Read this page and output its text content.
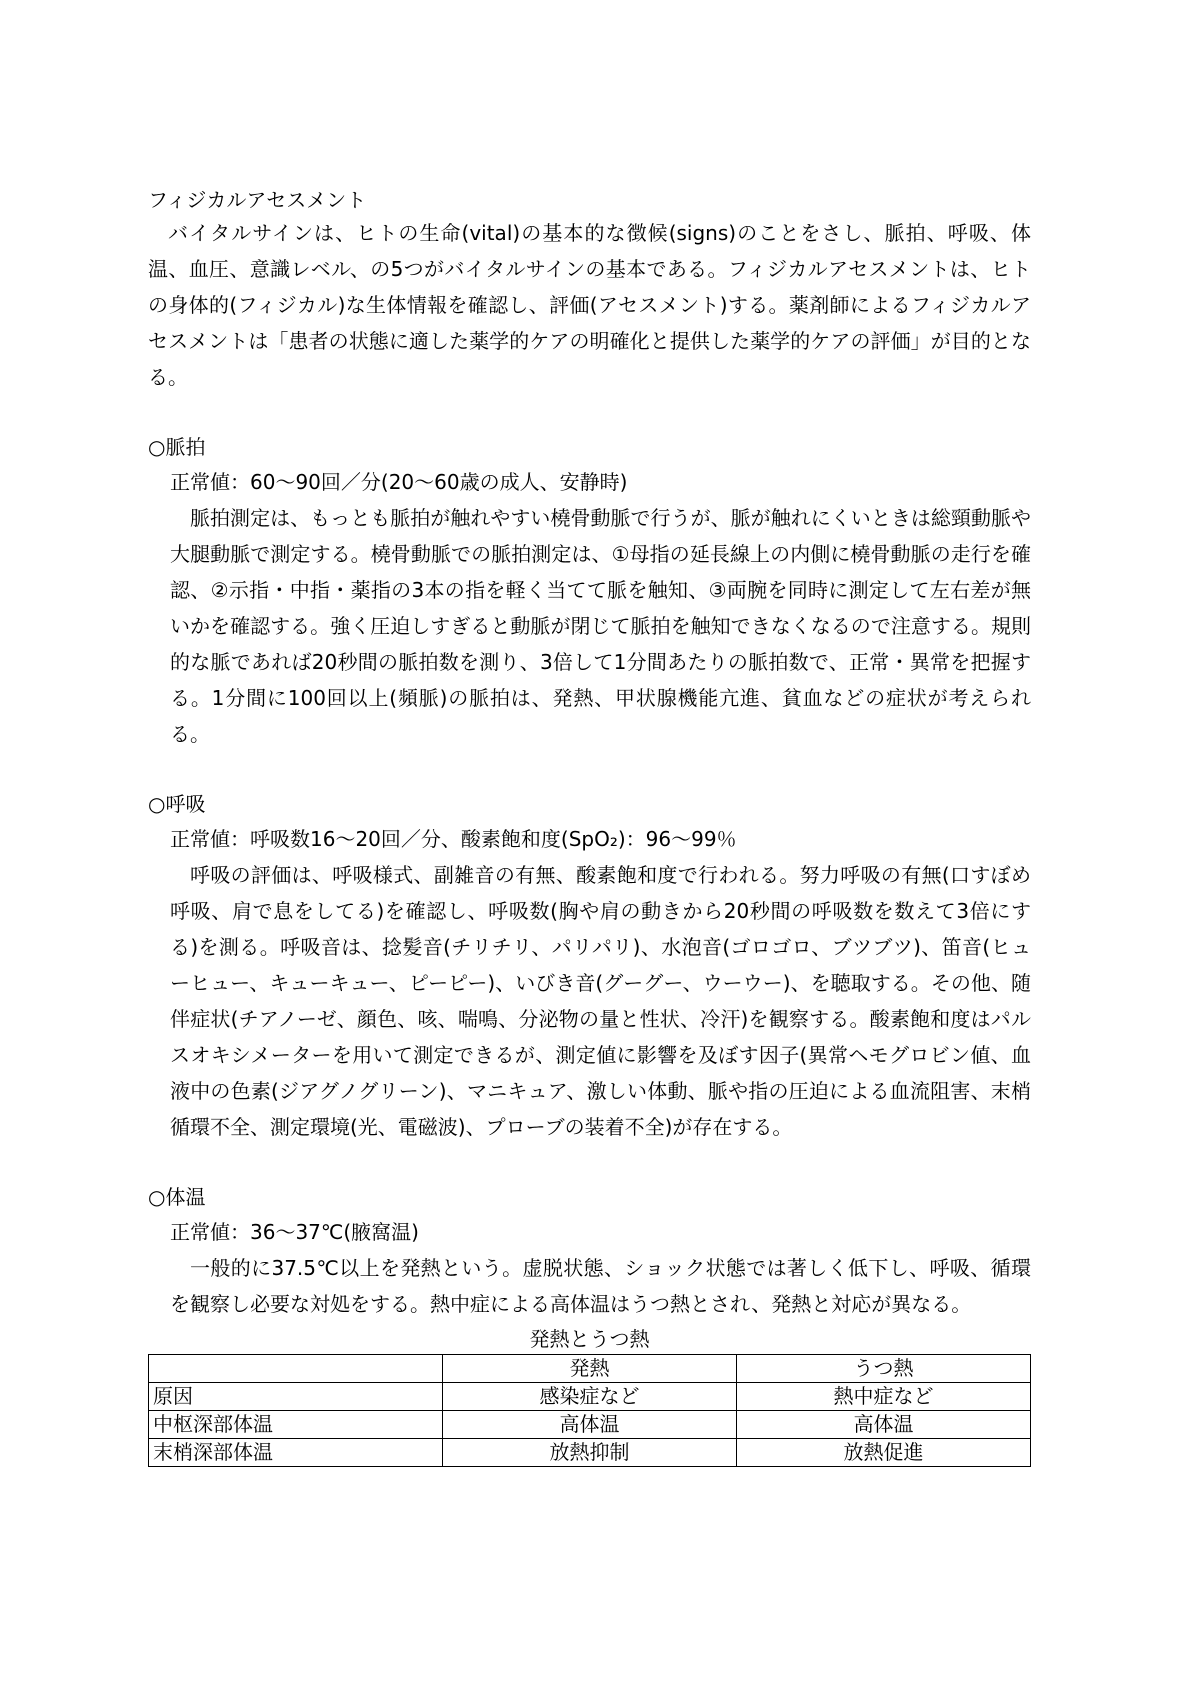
フィジカルアセスメント

バイタルサインは、ヒトの生命(vital)の基本的な徴候(signs)のことをさし、脈拍、呼吸、体温、血圧、意識レベル、の5つがバイタルサインの基本である。フィジカルアセスメントは、ヒトの身体的(フィジカル)な生体情報を確認し、評価(アセスメント)する。薬剤師によるフィジカルアセスメントは「患者の状態に適した薬学的ケアの明確化と提供した薬学的ケアの評価」が目的となる。

○脈拍

正常値：60～90回／分(20～60歳の成人、安静時)

脈拍測定は、もっとも脈拍が触れやすい橈骨動脈で行うが、脈が触れにくいときは総頸動脈や大腿動脈で測定する。橈骨動脈での脈拍測定は、①母指の延長線上の内側に橈骨動脈の走行を確認、②示指・中指・薬指の3本の指を軽く当てて脈を触知、③両腕を同時に測定して左右差が無いかを確認する。強く圧迫しすぎると動脈が閉じて脈拍を触知できなくなるので注意する。規則的な脈であれば20秒間の脈拍数を測り、3倍して1分間あたりの脈拍数で、正常・異常を把握する。1分間に100回以上(頻脈)の脈拍は、発熱、甲状腺機能亢進、貧血などの症状が考えられる。

○呼吸

正常値：呼吸数16～20回／分、酸素飽和度(SpO₂)：96～99％

呼吸の評価は、呼吸様式、副雑音の有無、酸素飽和度で行われる。努力呼吸の有無(口すぼめ呼吸、肩で息をしてる)を確認し、呼吸数(胸や肩の動きから20秒間の呼吸数を数えて3倍にする)を測る。呼吸音は、捻髪音(チリチリ、パリパリ)、水泡音(ゴロゴロ、ブツブツ)、笛音(ヒューヒュー、キューキュー、ピーピー)、いびき音(グーグー、ウーウー)、を聴取する。その他、随伴症状(チアノーゼ、顔色、咳、喘鳴、分泌物の量と性状、冷汗)を観察する。酸素飽和度はパルスオキシメーターを用いて測定できるが、測定値に影響を及ぼす因子(異常ヘモグロビン値、血液中の色素(ジアグノグリーン)、マニキュア、激しい体動、脈や指の圧迫による血流阻害、末梢循環不全、測定環境(光、電磁波)、プローブの装着不全)が存在する。

○体温

正常値：36～37℃(腋窩温)

一般的に37.5℃以上を発熱という。虚脱状態、ショック状態では著しく低下し、呼吸、循環を観察し必要な対処をする。熱中症による高体温はうつ熱とされ、発熱と対応が異なる。

発熱とうつ熱

	発熱	うつ熱
原因	感染症など	熱中症など
中枢深部体温	高体温	高体温
末梢深部体温	放熱抑制	放熱促進
